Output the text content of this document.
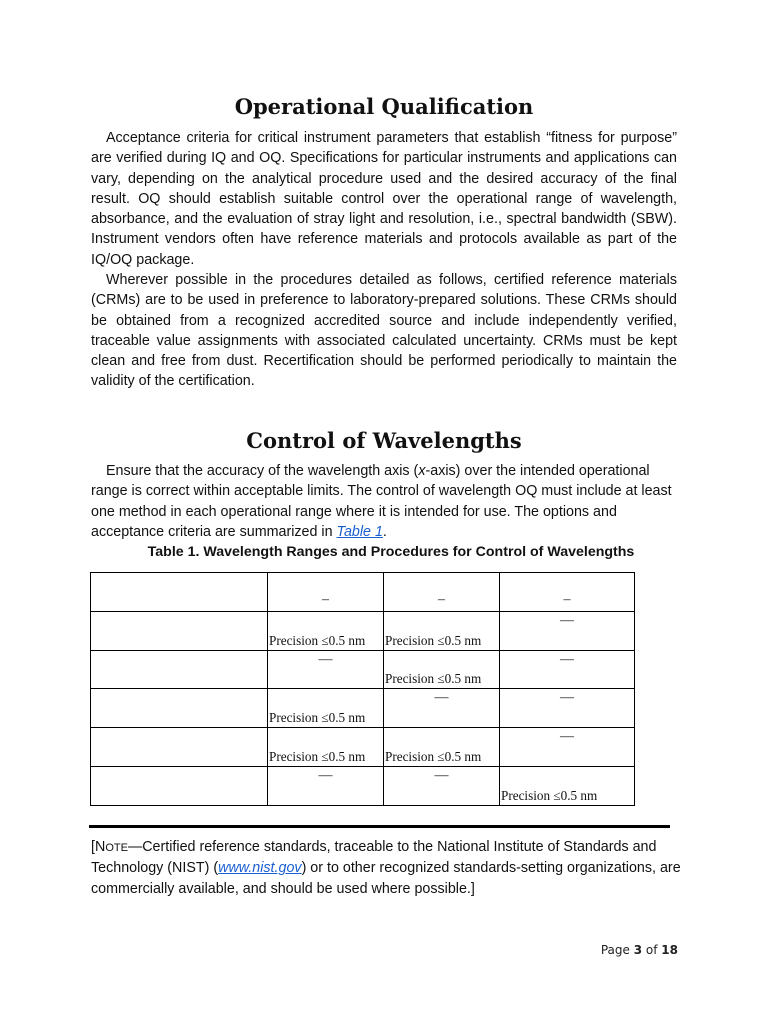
Operational Qualification

Acceptance criteria for critical instrument parameters that establish “fitness for purpose” are verified during IQ and OQ. Specifications for particular instruments and applications can vary, depending on the analytical procedure used and the desired accuracy of the final result. OQ should establish suitable control over the operational range of wavelength, absorbance, and the evaluation of stray light and resolution, i.e., spectral bandwidth (SBW). Instrument vendors often have reference materials and protocols available as part of the IQ/OQ package.

Wherever possible in the procedures detailed as follows, certified reference materials (CRMs) are to be used in preference to laboratory-prepared solutions. These CRMs should be obtained from a recognized accredited source and include independently verified, traceable value assignments with associated calculated uncertainty. CRMs must be kept clean and free from dust. Recertification should be performed periodically to maintain the validity of the certification.

Control of Wavelengths

Ensure that the accuracy of the wavelength axis (x-axis) over the intended operational range is correct within acceptable limits. The control of wavelength OQ must include at least one method in each operational range where it is intended for use. The options and acceptance criteria are summarized in Table 1.

Table 1. Wavelength Ranges and Procedures for Control of Wavelengths

	–	–	–

	Precision ≤0.5 nm	Precision ≤0.5 nm	—

	—	Precision ≤0.5 nm	—

	Precision ≤0.5 nm	—	—

	Precision ≤0.5 nm	Precision ≤0.5 nm	—

	—	—	Precision ≤0.5 nm

[NOTE—Certified reference standards, traceable to the National Institute of Standards and Technology (NIST) (www.nist.gov) or to other recognized standards-setting organizations, are commercially available, and should be used where possible.]

Page 3 of 18
